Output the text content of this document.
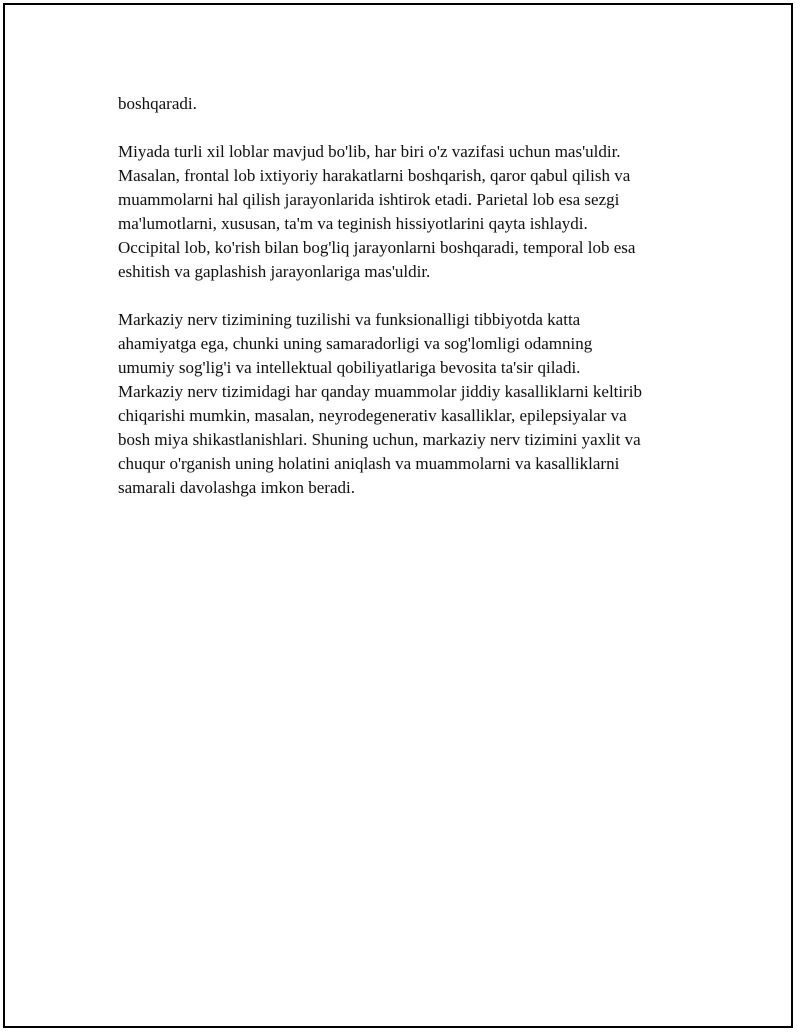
boshqaradi.

Miyada turli xil loblar mavjud bo'lib, har biri o'z vazifasi uchun mas'uldir.
Masalan, frontal lob ixtiyoriy harakatlarni boshqarish, qaror qabul qilish va
muammolarni hal qilish jarayonlarida ishtirok etadi. Parietal lob esa sezgi
ma'lumotlarni, xususan, ta'm va teginish hissiyotlarini qayta ishlaydi.
Occipital lob, ko'rish bilan bog'liq jarayonlarni boshqaradi, temporal lob esa
eshitish va gaplashish jarayonlariga mas'uldir.

Markaziy nerv tizimining tuzilishi va funksionalligi tibbiyotda katta
ahamiyatga ega, chunki uning samaradorligi va sog'lomligi odamning
umumiy sog'lig'i va intellektual qobiliyatlariga bevosita ta'sir qiladi.
Markaziy nerv tizimidagi har qanday muammolar jiddiy kasalliklarni keltirib
chiqarishi mumkin, masalan, neyrodegenerativ kasalliklar, epilepsiyalar va
bosh miya shikastlanishlari. Shuning uchun, markaziy nerv tizimini yaxlit va
chuqur o'rganish uning holatini aniqlash va muammolarni va kasalliklarni
samarali davolashga imkon beradi.
